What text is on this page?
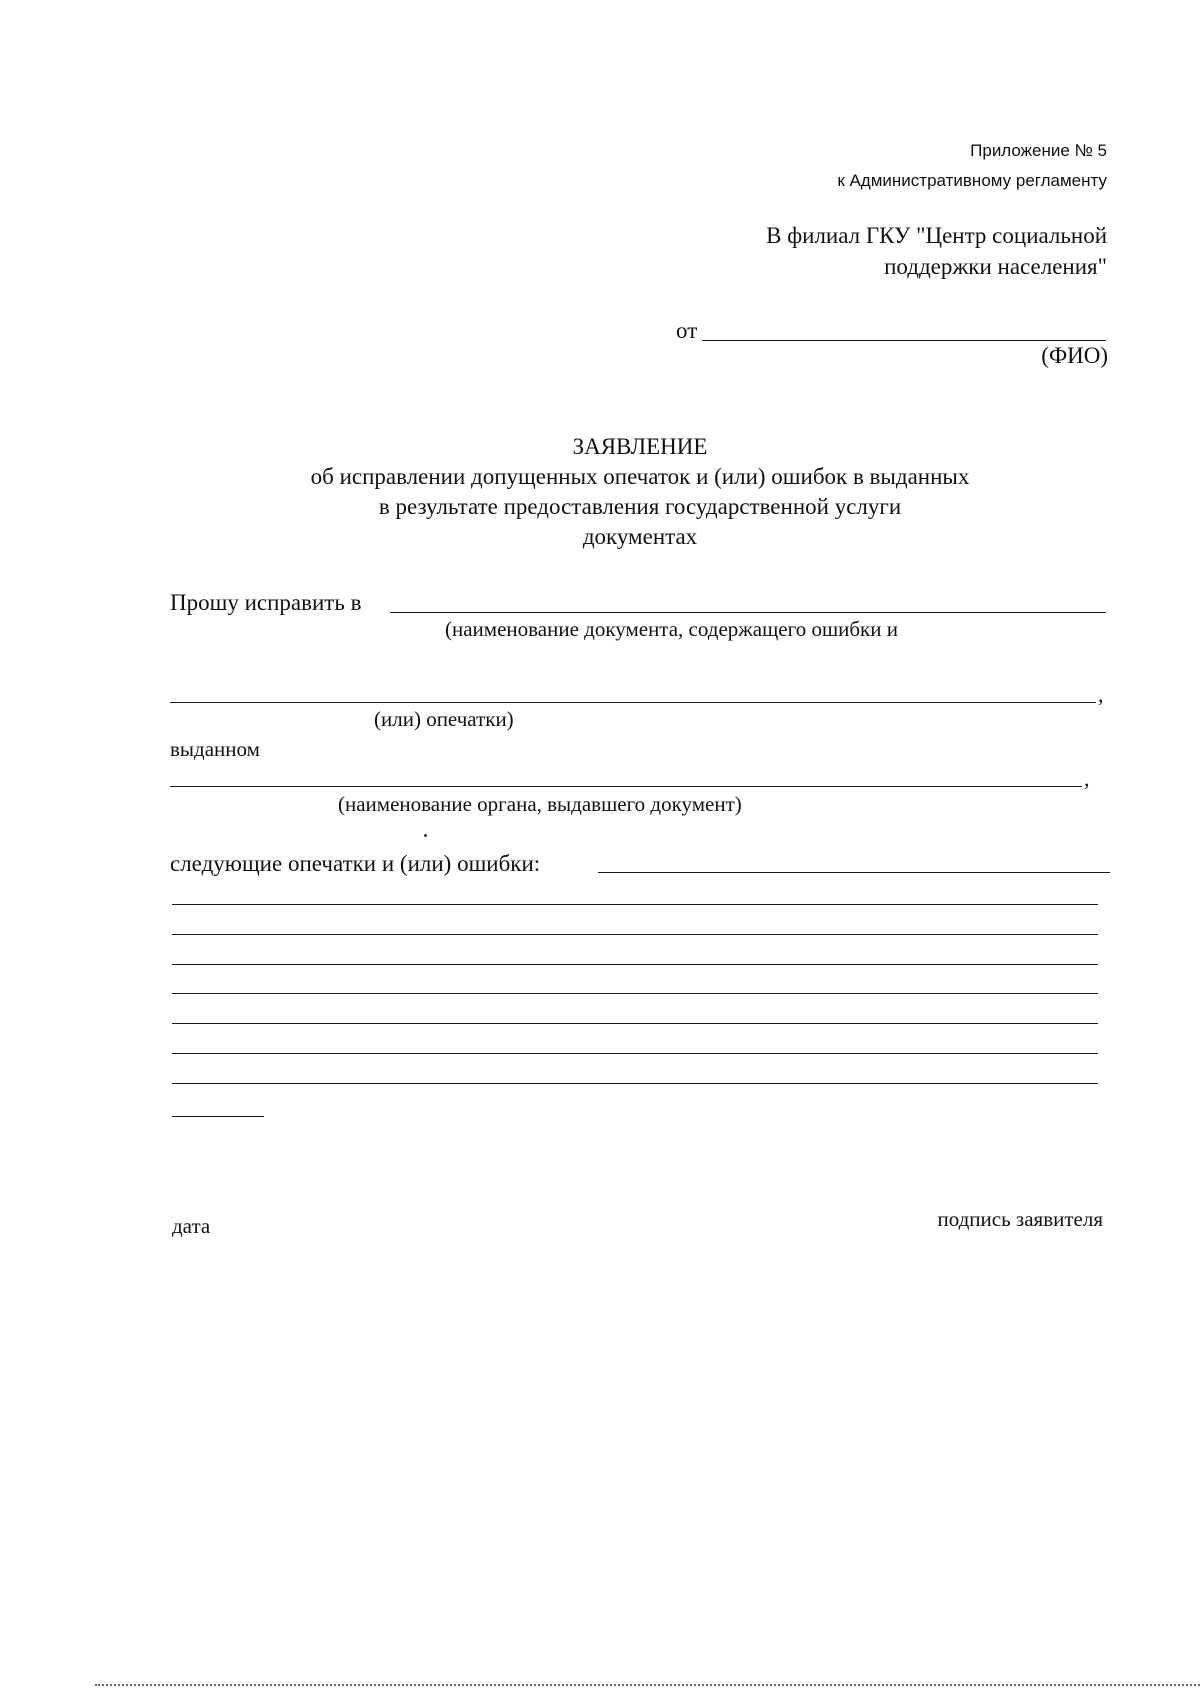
Приложение № 5
к Административному регламенту
В филиал ГКУ "Центр социальной
поддержки населения"
от
(ФИО)
ЗАЯВЛЕНИЕ
об исправлении допущенных опечаток и (или) ошибок в выданных
в результате предоставления государственной услуги
документах
Прошу исправить в
(наименование документа, содержащего ошибки и
,
(или) опечатки)
выданном
,
(наименование органа, выдавшего документ)
следующие опечатки и (или) ошибки:
дата	подпись заявителя
